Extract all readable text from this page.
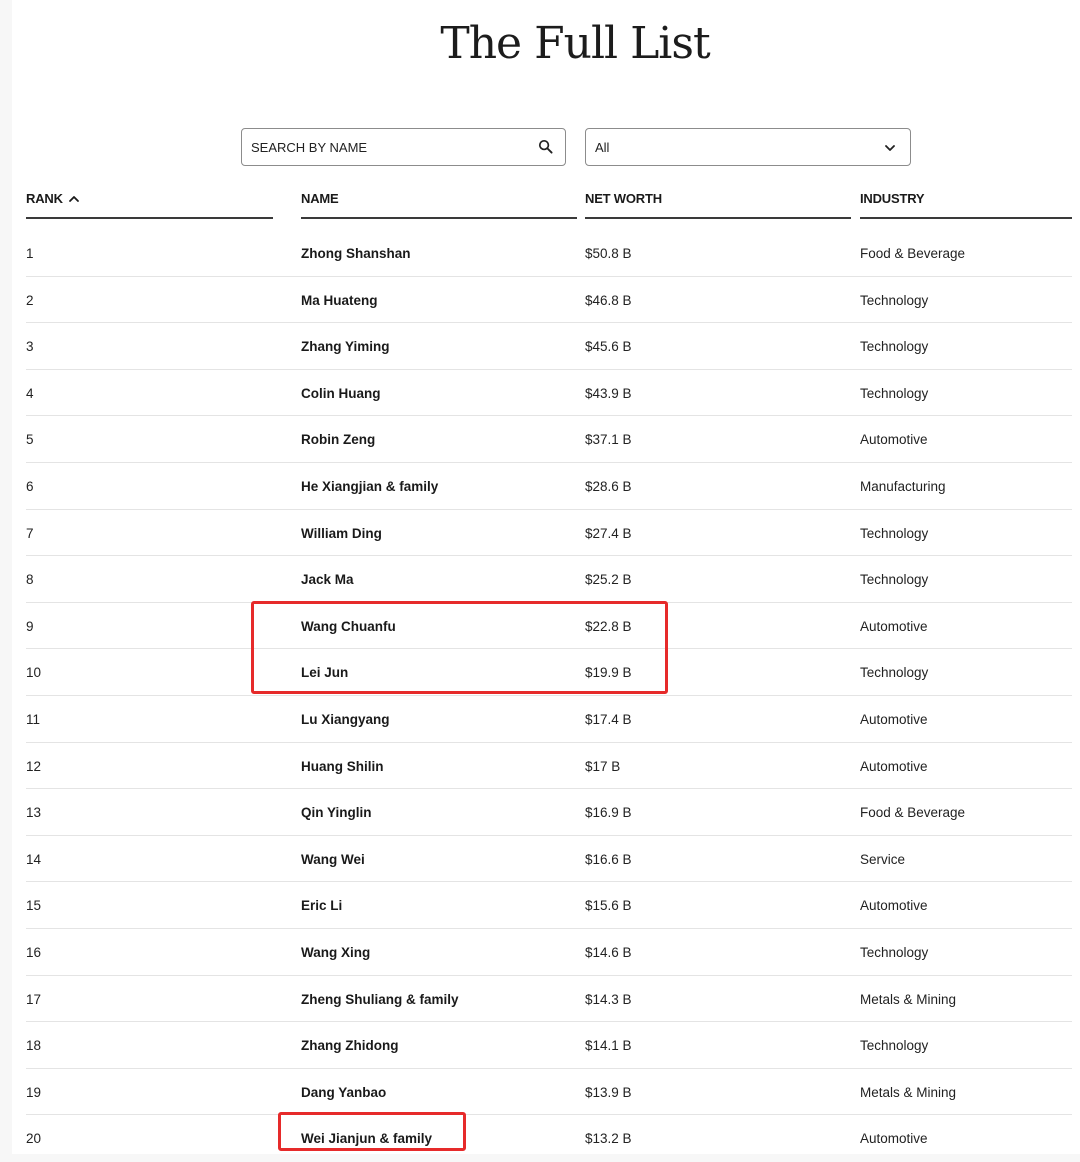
The Full List
SEARCH BY NAME
All
RANK	NAME	NET WORTH	INDUSTRY
1	Zhong Shanshan	$50.8 B	Food & Beverage
2	Ma Huateng	$46.8 B	Technology
3	Zhang Yiming	$45.6 B	Technology
4	Colin Huang	$43.9 B	Technology
5	Robin Zeng	$37.1 B	Automotive
6	He Xiangjian & family	$28.6 B	Manufacturing
7	William Ding	$27.4 B	Technology
8	Jack Ma	$25.2 B	Technology
9	Wang Chuanfu	$22.8 B	Automotive
10	Lei Jun	$19.9 B	Technology
11	Lu Xiangyang	$17.4 B	Automotive
12	Huang Shilin	$17 B	Automotive
13	Qin Yinglin	$16.9 B	Food & Beverage
14	Wang Wei	$16.6 B	Service
15	Eric Li	$15.6 B	Automotive
16	Wang Xing	$14.6 B	Technology
17	Zheng Shuliang & family	$14.3 B	Metals & Mining
18	Zhang Zhidong	$14.1 B	Technology
19	Dang Yanbao	$13.9 B	Metals & Mining
20	Wei Jianjun & family	$13.2 B	Automotive
